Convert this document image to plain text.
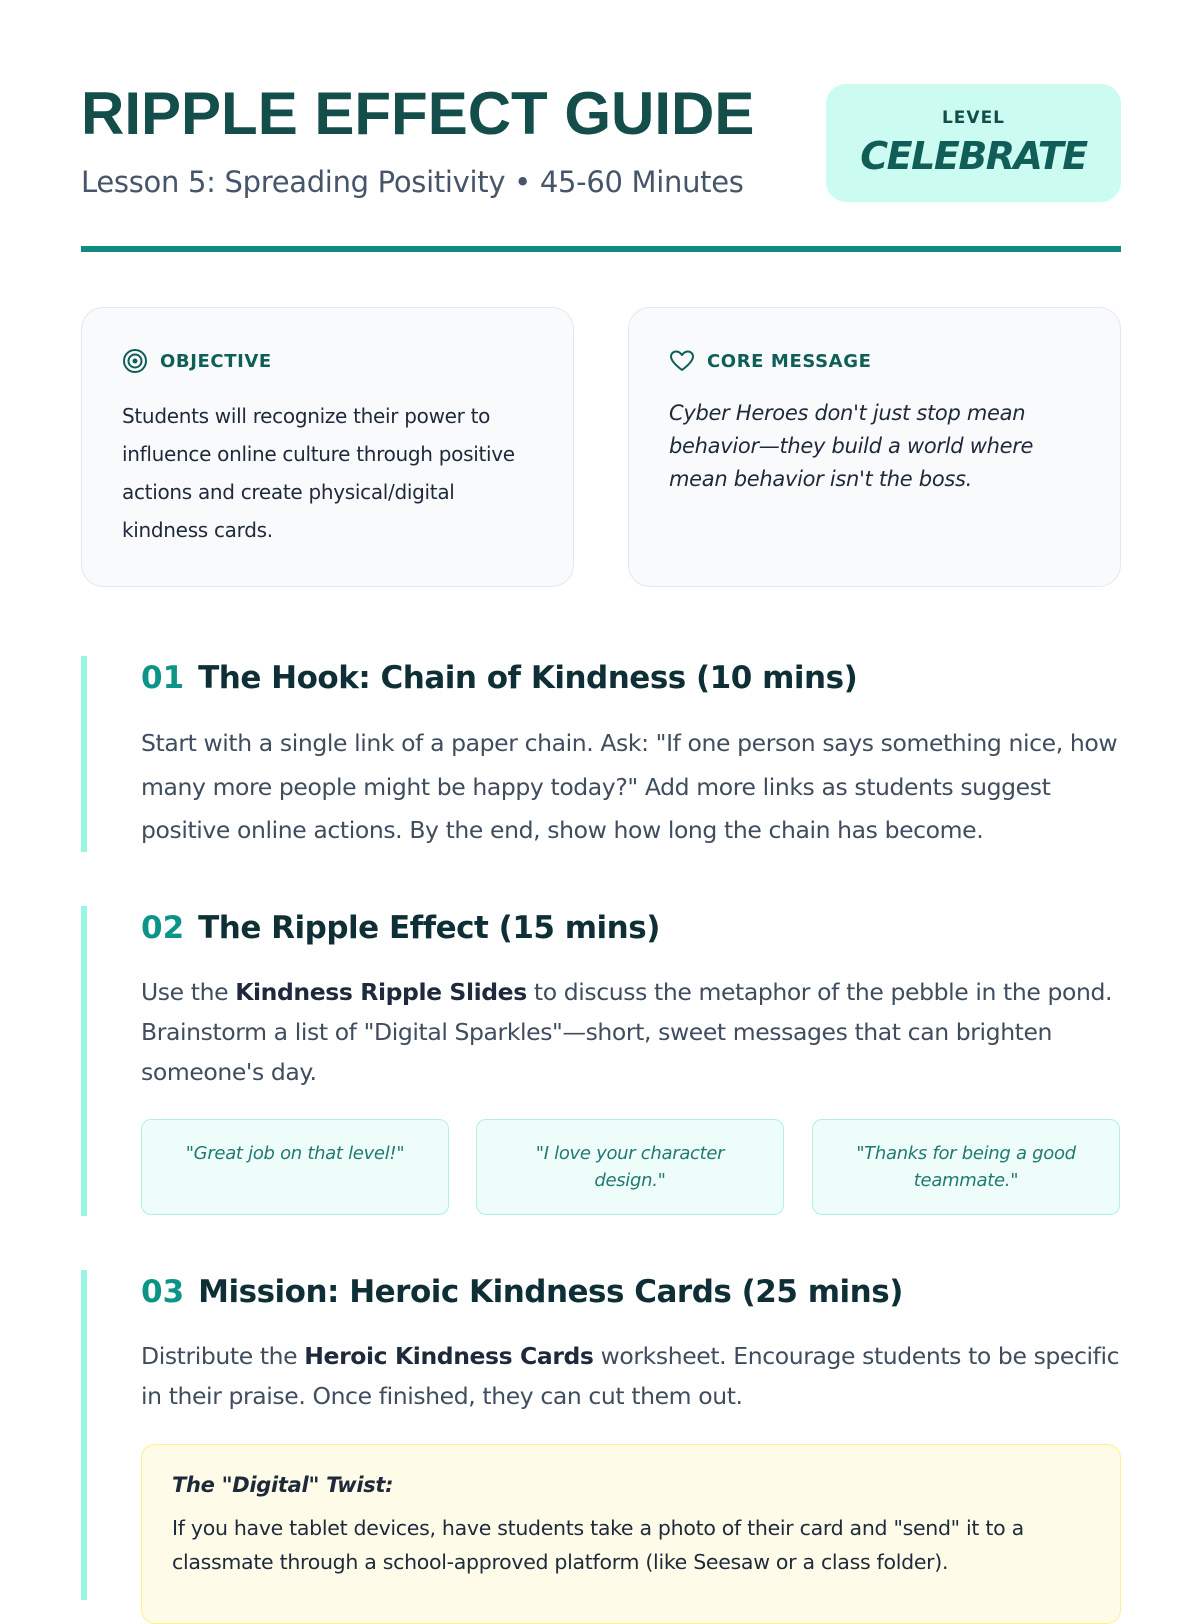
RIPPLE EFFECT GUIDE
Lesson 5: Spreading Positivity • 45-60 Minutes
LEVEL
CELEBRATE
OBJECTIVE
Students will recognize their power to influence online culture through positive actions and create physical/digital kindness cards.
CORE MESSAGE
Cyber Heroes don't just stop mean behavior—they build a world where mean behavior isn't the boss.
01 The Hook: Chain of Kindness (10 mins)
Start with a single link of a paper chain. Ask: "If one person says something nice, how many more people might be happy today?" Add more links as students suggest positive online actions. By the end, show how long the chain has become.
02 The Ripple Effect (15 mins)
Use the Kindness Ripple Slides to discuss the metaphor of the pebble in the pond. Brainstorm a list of "Digital Sparkles"—short, sweet messages that can brighten someone's day.
"Great job on that level!"	"I love your character design."
"Thanks for being a good teammate."
03 Mission: Heroic Kindness Cards (25 mins)
Distribute the Heroic Kindness Cards worksheet. Encourage students to be specific in their praise. Once finished, they can cut them out.
The "Digital" Twist:
If you have tablet devices, have students take a photo of their card and "send" it to a classmate through a school-approved platform (like Seesaw or a class folder).
